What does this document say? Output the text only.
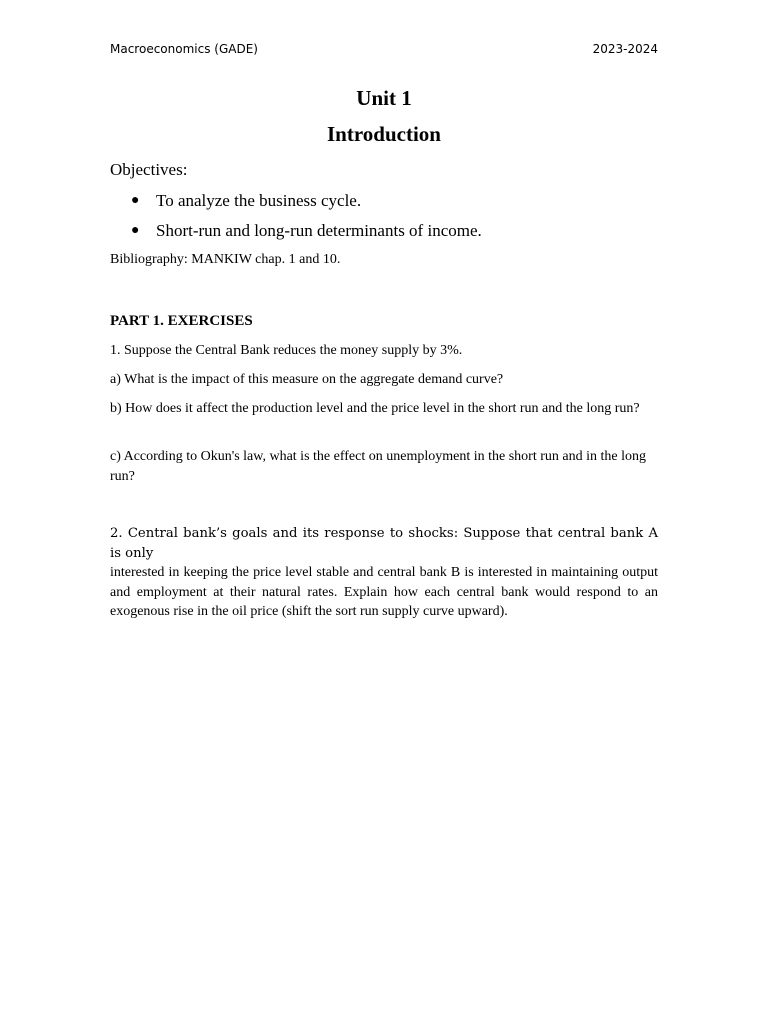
Macroeconomics (GADE)	2023-2024
Unit 1
Introduction
Objectives:
● To analyze the business cycle.
● Short-run and long-run determinants of income.
Bibliography: MANKIW chap. 1 and 10.
PART 1. EXERCISES

1. Suppose the Central Bank reduces the money supply by 3%.

a) What is the impact of this measure on the aggregate demand curve?

b) How does it affect the production level and the price level in the short run and the long run?

c) According to Okun's law, what is the effect on unemployment in the short run and in the long run?

2. Central bank’s goals and its response to shocks: Suppose that central bank A is only
interested in keeping the price level stable and central bank B is interested in maintaining output and employment at their natural rates. Explain how each central bank would respond to an exogenous rise in the oil price (shift the sort run supply curve upward).
